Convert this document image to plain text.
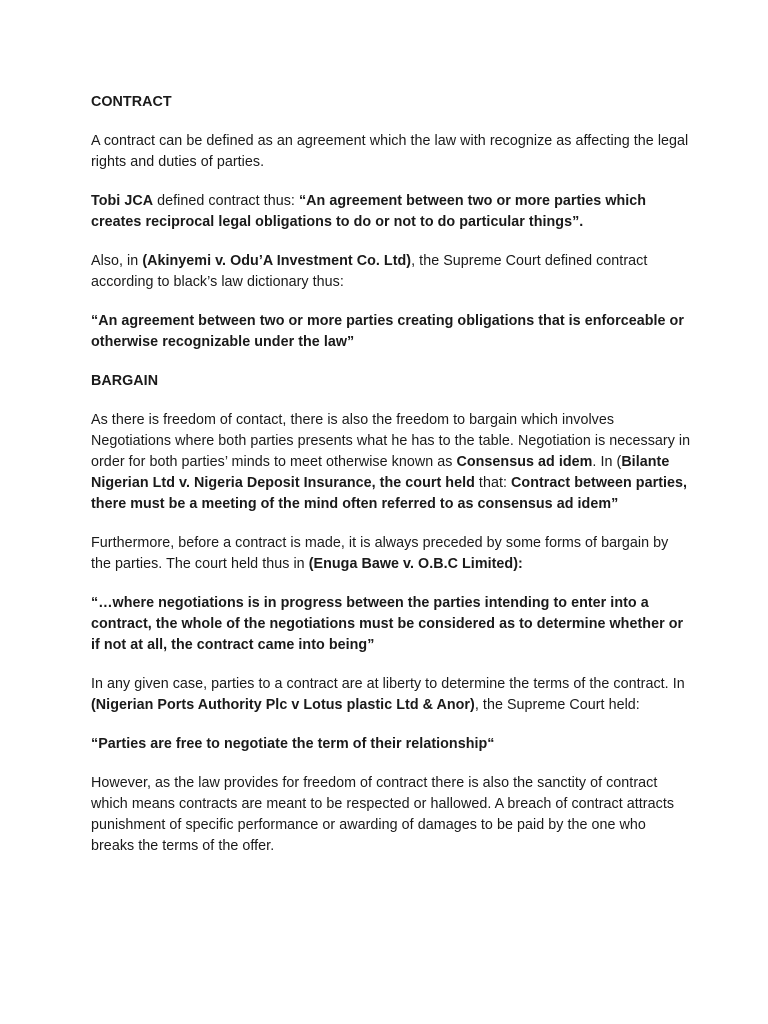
CONTRACT

A contract can be defined as an agreement which the law with recognize as affecting the legal rights and duties of parties.

Tobi JCA defined contract thus: “An agreement between two or more parties which creates reciprocal legal obligations to do or not to do particular things”.

Also, in (Akinyemi v. Odu’A Investment Co. Ltd), the Supreme Court defined contract according to black’s law dictionary thus:

“An agreement between two or more parties creating obligations that is enforceable or otherwise recognizable under the law”

BARGAIN

As there is freedom of contact, there is also the freedom to bargain which involves Negotiations where both parties presents what he has to the table. Negotiation is necessary in order for both parties’ minds to meet otherwise known as Consensus ad idem. In (Bilante Nigerian Ltd v. Nigeria Deposit Insurance, the court held that: Contract between parties, there must be a meeting of the mind often referred to as consensus ad idem”

Furthermore, before a contract is made, it is always preceded by some forms of bargain by the parties. The court held thus in (Enuga Bawe v. O.B.C Limited):

“…where negotiations is in progress between the parties intending to enter into a contract, the whole of the negotiations must be considered as to determine whether or if not at all, the contract came into being”

In any given case, parties to a contract are at liberty to determine the terms of the contract. In (Nigerian Ports Authority Plc v Lotus plastic Ltd & Anor), the Supreme Court held:

“Parties are free to negotiate the term of their relationship“

However, as the law provides for freedom of contract there is also the sanctity of contract which means contracts are meant to be respected or hallowed. A breach of contract attracts punishment of specific performance or awarding of damages to be paid by the one who breaks the terms of the offer.
